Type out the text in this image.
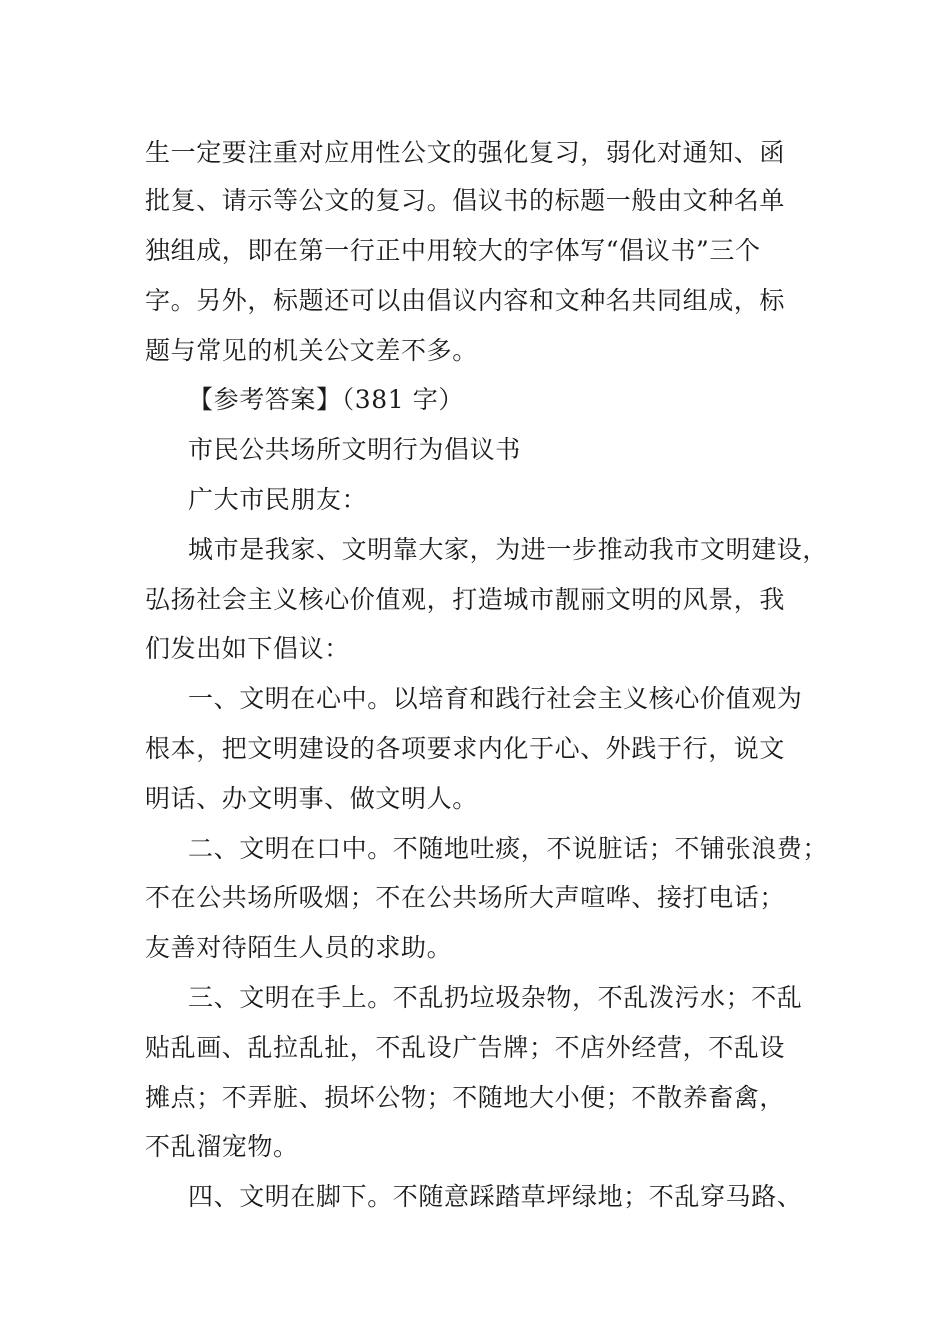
生一定要注重对应用性公文的强化复习，弱化对通知、函
批复、请示等公文的复习。倡议书的标题一般由文种名单
独组成，即在第一行正中用较大的字体写“倡议书”三个
字。另外，标题还可以由倡议内容和文种名共同组成，标
题与常见的机关公文差不多。
【参考答案】（381 字）
市民公共场所文明行为倡议书
广大市民朋友：
城市是我家、文明靠大家，为进一步推动我市文明建设，
弘扬社会主义核心价值观，打造城市靓丽文明的风景，我
们发出如下倡议：
一、文明在心中。以培育和践行社会主义核心价值观为
根本，把文明建设的各项要求内化于心、外践于行，说文
明话、办文明事、做文明人。
二、文明在口中。不随地吐痰，不说脏话；不铺张浪费；
不在公共场所吸烟；不在公共场所大声喧哗、接打电话；
友善对待陌生人员的求助。
三、文明在手上。不乱扔垃圾杂物，不乱泼污水；不乱
贴乱画、乱拉乱扯，不乱设广告牌；不店外经营，不乱设
摊点；不弄脏、损坏公物；不随地大小便；不散养畜禽，
不乱溜宠物。
四、文明在脚下。不随意踩踏草坪绿地；不乱穿马路、
